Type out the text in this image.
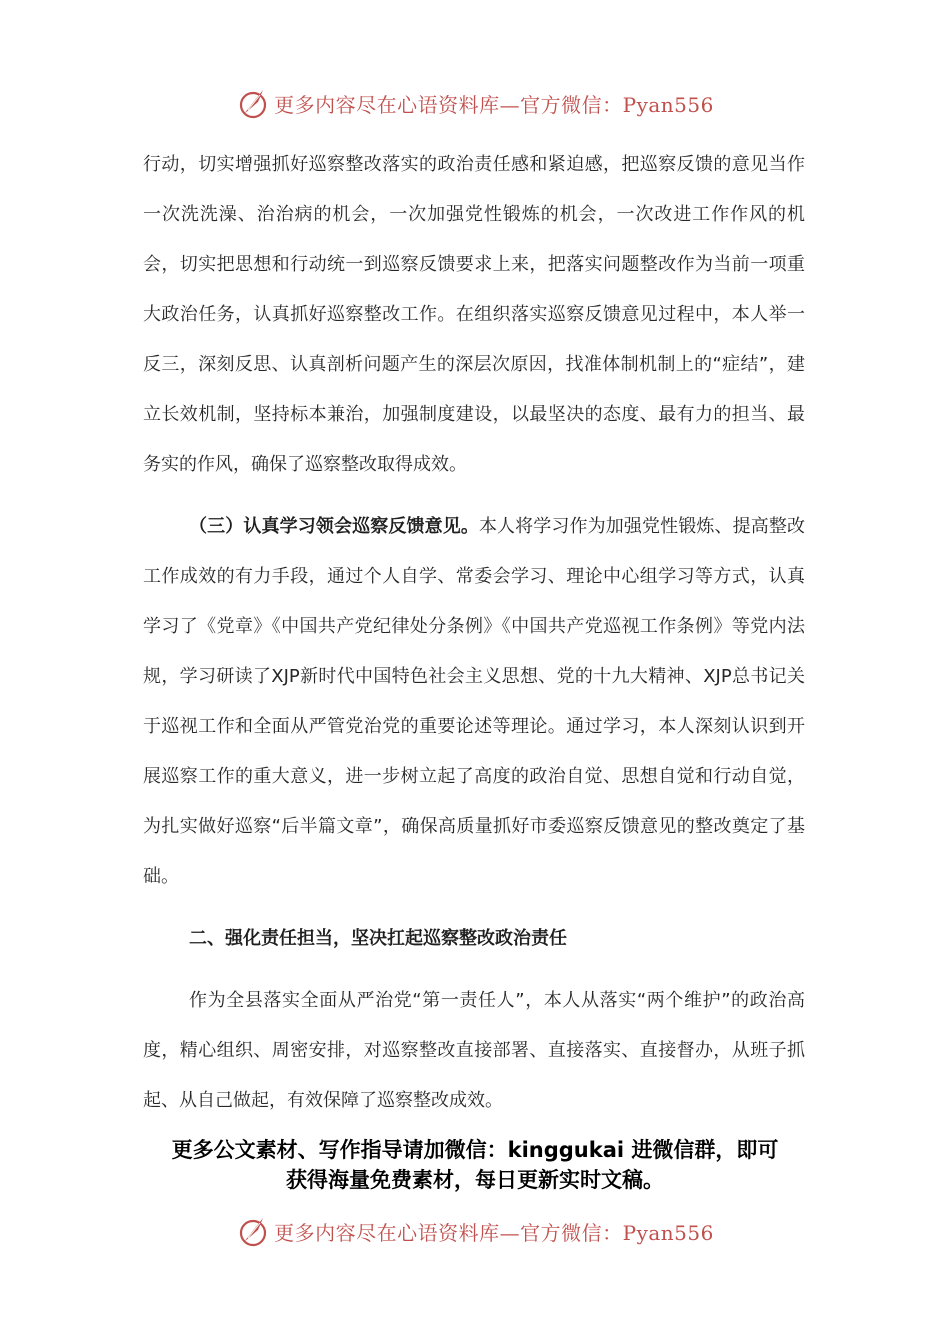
更多内容尽在心语资料库—官方微信：Pyan556

行动，切实增强抓好巡察整改落实的政治责任感和紧迫感，把巡察反馈的意见当作一次洗洗澡、治治病的机会，一次加强党性锻炼的机会，一次改进工作作风的机会，切实把思想和行动统一到巡察反馈要求上来，把落实问题整改作为当前一项重大政治任务，认真抓好巡察整改工作。在组织落实巡察反馈意见过程中，本人举一反三，深刻反思、认真剖析问题产生的深层次原因，找准体制机制上的“症结”，建立长效机制，坚持标本兼治，加强制度建设，以最坚决的态度、最有力的担当、最务实的作风，确保了巡察整改取得成效。

（三）认真学习领会巡察反馈意见。本人将学习作为加强党性锻炼、提高整改工作成效的有力手段，通过个人自学、常委会学习、理论中心组学习等方式，认真学习了《党章》《中国共产党纪律处分条例》《中国共产党巡视工作条例》等党内法规，学习研读了XJP新时代中国特色社会主义思想、党的十九大精神、XJP总书记关于巡视工作和全面从严管党治党的重要论述等理论。通过学习，本人深刻认识到开展巡察工作的重大意义，进一步树立起了高度的政治自觉、思想自觉和行动自觉，为扎实做好巡察“后半篇文章”，确保高质量抓好市委巡察反馈意见的整改奠定了基础。

二、强化责任担当，坚决扛起巡察整改政治责任

作为全县落实全面从严治党“第一责任人”，本人从落实“两个维护”的政治高度，精心组织、周密安排，对巡察整改直接部署、直接落实、直接督办，从班子抓起、从自己做起，有效保障了巡察整改成效。

更多公文素材、写作指导请加微信：kinggukai 进微信群，即可
获得海量免费素材，每日更新实时文稿。
更多内容尽在心语资料库—官方微信：Pyan556
